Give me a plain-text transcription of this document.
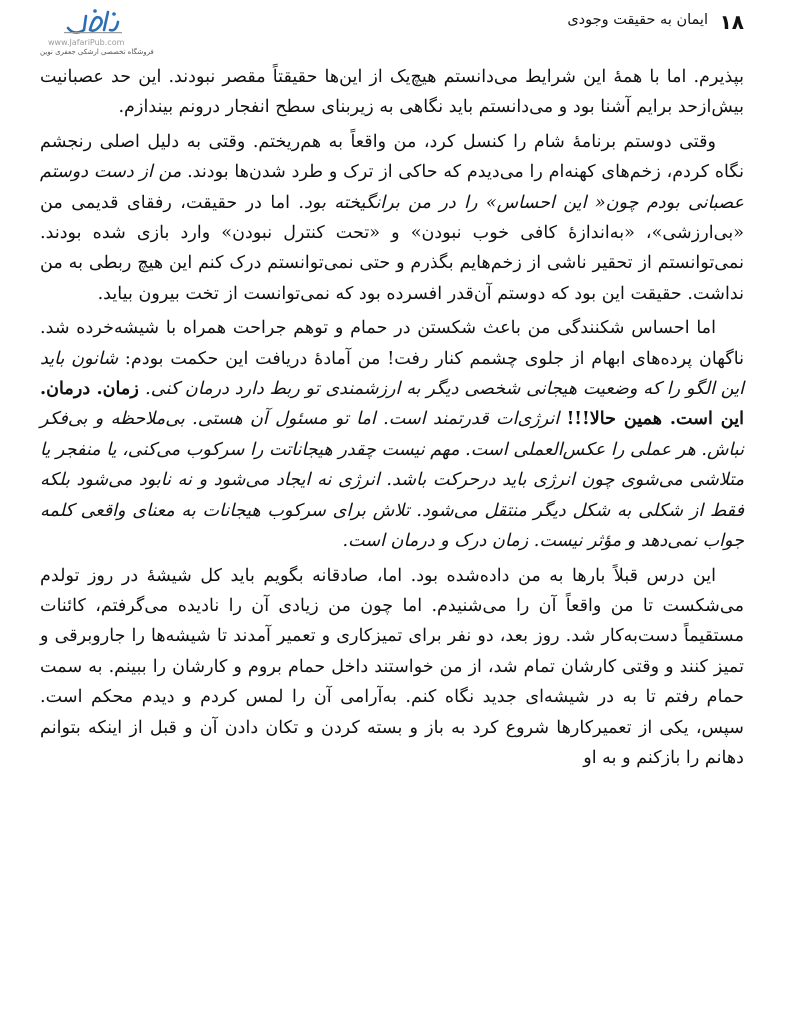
۱۸
ایمان به حقیقت وجودی
www.JafariPub.com
فروشگاه تخصصی ارشکی جعفری نوین

بپذیرم. اما با همهٔ این شرایط می‌دانستم هیچ‌یک از این‌ها حقیقتاً مقصر نبودند. این حد عصبانیت بیش‌ازحد برایم آشنا بود و می‌دانستم باید نگاهی به زیربنای سطح انفجار درونم بیندازم.

وقتی دوستم برنامهٔ شام را کنسل کرد، من واقعاً به هم‌ریختم. وقتی به دلیل اصلی رنجشم نگاه کردم، زخم‌های کهنه‌ام را می‌دیدم که حاکی از ترک و طرد شدن‌ها بودند. من از دست دوستم عصبانی بودم چون« این احساس» را در من برانگیخته بود. اما در حقیقت، رفقای قدیمی من «بی‌ارزشی»، «به‌اندازهٔ کافی خوب نبودن» و «تحت کنترل نبودن» وارد بازی شده بودند. نمی‌توانستم از تحقیر ناشی از زخم‌هایم بگذرم و حتی نمی‌توانستم درک کنم این هیچ ربطی به من نداشت. حقیقت این بود که دوستم آن‌قدر افسرده بود که نمی‌توانست از تخت بیرون بیاید.

اما احساس شکنندگی من باعث شکستن در حمام و توهم جراحت همراه با شیشه‌خرده شد. ناگهان پرده‌های ابهام از جلوی چشمم کنار رفت! من آمادهٔ دریافت این حکمت بودم: شانون باید این الگو را که وضعیت هیجانی شخصی دیگر به ارزشمندی تو ربط دارد درمان کنی. زمان. درمان. این است. همین حالا!!! انرژی‌ات قدرتمند است. اما تو مسئول آن هستی. بی‌ملاحظه و بی‌فکر نباش. هر عملی را عکس‌العملی است. مهم نیست چقدر هیجاناتت را سرکوب می‌کنی، یا منفجر یا متلاشی می‌شوی چون انرژی باید درحرکت باشد. انرژی نه ایجاد می‌شود و نه نابود می‌شود بلکه فقط از شکلی به شکل دیگر منتقل می‌شود. تلاش برای سرکوب هیجانات به معنای واقعی کلمه جواب نمی‌دهد و مؤثر نیست. زمان درک و درمان است.

این درس قبلاً بارها به من داده‌شده بود. اما، صادقانه بگویم باید کل شیشهٔ در روز تولدم می‌شکست تا من واقعاً آن را می‌شنیدم. اما چون من زیادی آن را نادیده می‌گرفتم، کائنات مستقیماً دست‌به‌کار شد. روز بعد، دو نفر برای تمیزکاری و تعمیر آمدند تا شیشه‌ها را جاروبرقی و تمیز کنند و وقتی کارشان تمام شد، از من خواستند داخل حمام بروم و کارشان را ببینم. به سمت حمام رفتم تا به در شیشه‌ای جدید نگاه کنم. به‌آرامی آن را لمس کردم و دیدم محکم است. سپس، یکی از تعمیرکارها شروع کرد به باز و بسته کردن و تکان دادن آن و قبل از اینکه بتوانم دهانم را بازکنم و به او
